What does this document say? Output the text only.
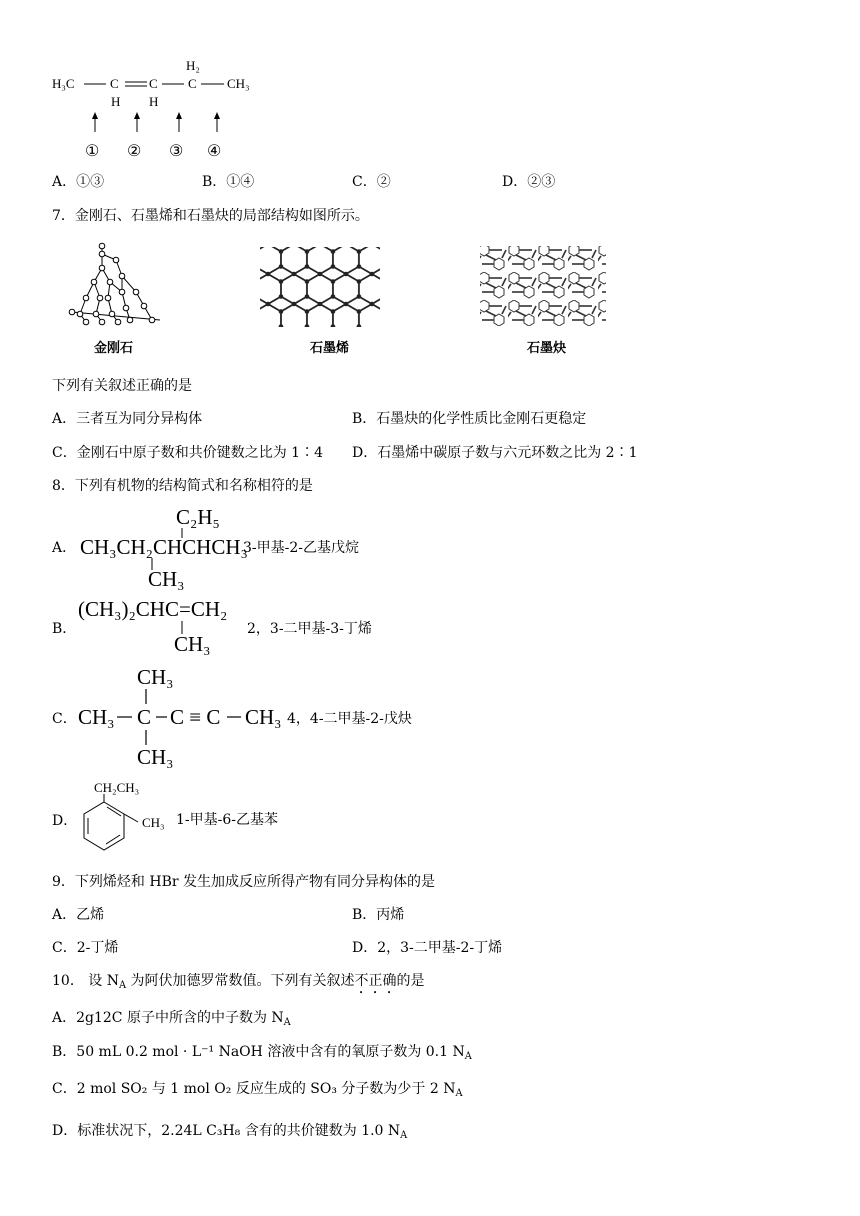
H₃C	C C C CH₃
H₂
H H
① ② ③ ④
A．①③	B．①④	C．②	D．②③
7．金刚石、石墨烯和石墨炔的局部结构如图所示。
金刚石	石墨烯	石墨炔
下列有关叙述正确的是
A．三者互为同分异构体	B．石墨炔的化学性质比金刚石更稳定
C．金刚石中原子数和共价键数之比为 1∶4 D．石墨烯中碳原子数与六元环数之比为 2∶1
8．下列有机物的结构简式和名称相符的是
A．
C₂H₅
CH₃CH₂CHCHCH₃
CH₃
3-甲基-2-乙基戊烷
B．
(CH₃)₂CHC=CH₂
CH₃
2，3-二甲基-3-丁烯
C．
CH₃
CH₃ C C ≡ C CH₃
CH₃
4，4-二甲基-2-戊炔
D．
CH₂CH₃
CH₃ 1-甲基-6-乙基苯
9．下列烯烃和 HBr 发生加成反应所得产物有同分异构体的是
A．乙烯	B．丙烯
C．2-丁烯	D．2，3-二甲基-2-丁烯
10． 设 $N_A$ 为阿伏加德罗常数值。下列有关叙述不正确的是
A．2g12C 原子中所含的中子数为 $N_A$
B．50 mL 0.2 mol · L⁻¹ NaOH 溶液中含有的氧原子数为 0.1 $N_A$
C．2 mol SO₂ 与 1 mol O₂ 反应生成的 SO₃ 分子数为少于 2 $N_A$
D．标准状况下，2.24L C₃H₈ 含有的共价键数为 1.0 $N_A$
